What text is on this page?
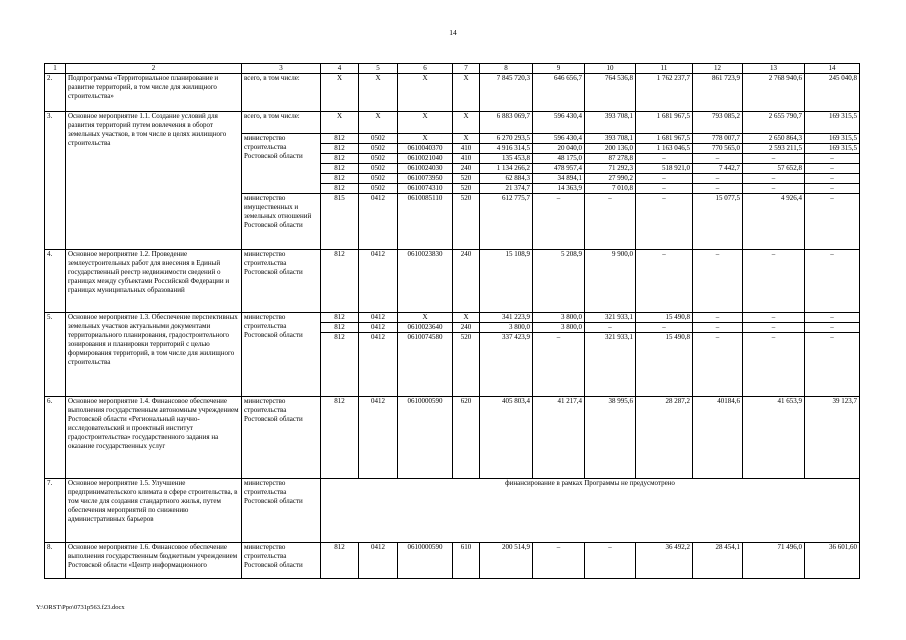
14
1	2	3	4	5	6	7	8	9	10	11	12	13	14
2.	Подпрограмма «Территориальное планирование и развитие территорий, в том числе для жилищного строительства»	всего, в том числе:	X	X	X	X	7 845 720,3	646 656,7	764 536,8	1 762 237,7	861 723,9	2 768 940,6	245 040,8
3.	Основное мероприятие 1.1. Создание условий для развития территорий путем вовлечения в оборот земельных участков, в том числе в целях жилищного строительства	всего, в том числе:	X	X	X	X	6 883 069,7	596 430,4	393 708,1	1 681 967,5	793 085,2	2 655 790,7	169 315,5
		министерство строительства Ростовской области	812	0502	X	X	6 270 293,5	596 430,4	393 708,1	1 681 967,5	778 007,7	2 650 864,3	169 315,5
			812	0502	0610040370	410	4 916 314,5	20 040,0	200 136,0	1 163 046,5	770 565,0	2 593 211,5	169 315,5
			812	0502	0610021040	410	135 453,8	48 175,0	87 278,8	–	–	–	–
			812	0502	0610024030	240	1 134 266,2	478 957,4	71 292,3	518 921,0	7 442,7	57 652,8	–
			812	0502	0610073950	520	62 884,3	34 894,1	27 990,2	–	–	–	–
			812	0502	0610074310	520	21 374,7	14 363,9	7 010,8	–	–	–	–
		министерство имущественных и земельных отношений Ростовской области	815	0412	0610085110	520	612 775,7	–	–	–	15 077,5	4 926,4	–
4.	Основное мероприятие 1.2. Проведение землеустроительных работ для внесения в Единый государственный реестр недвижимости сведений о границах между субъектами Российской Федерации и границах муниципальных образований	министерство строительства Ростовской области	812	0412	0610023830	240	15 108,9	5 208,9	9 900,0	–	–	–	–
5.	Основное мероприятие 1.3. Обеспечение перспективных земельных участков актуальными документами территориального планирования, градостроительного зонирования и планировки территорий с целью формирования территорий, в том числе для жилищного строительства	министерство строительства Ростовской области	812	0412	X	X	341 223,9	3 800,0	321 933,1	15 490,8	–	–	–
			812	0412	0610023640	240	3 800,0	3 800,0	–	–	–	–	–
			812	0412	0610074580	520	337 423,9	–	321 933,1	15 490,8	–	–	–
6.	Основное мероприятие 1.4. Финансовое обеспечение выполнения государственным автономным учреждением Ростовской области «Региональный научно-исследовательский и проектный институт градостроительства» государственного задания на оказание государственных услуг	министерство строительства Ростовской области	812	0412	0610000590	620	405 803,4	41 217,4	38 995,6	28 287,2	40184,6	41 653,9	39 123,7
7.	Основное мероприятие 1.5. Улучшение предпринимательского климата в сфере строительства, в том числе для создания стандартного жилья, путем обеспечения мероприятий по снижению административных барьеров	министерство строительства Ростовской области	финансирование в рамках Программы не предусмотрено										
8.	Основное мероприятие 1.6. Финансовое обеспечение выполнения государственным бюджетным учреждением Ростовской области «Центр информационного	министерство строительства Ростовской области	812	0412	0610000590	610	200 514,9	–	–	36 492,2	28 454,1	71 496,0	36 601,60
Y:\ORST\Ppo\0731p563.f23.docx
